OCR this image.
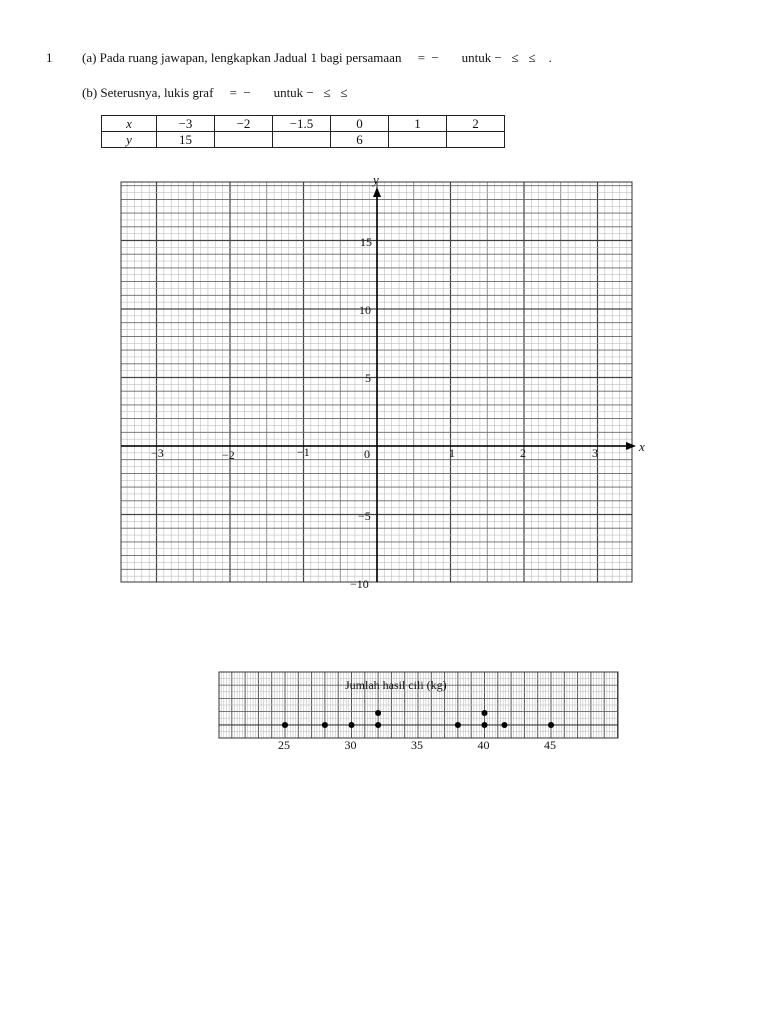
1 (a) Pada ruang jawapan, lengkapkan Jadual 1 bagi persamaan     =  −       untuk −   ≤   ≤    .
(b) Seterusnya, lukis graf     =  −       untuk −   ≤   ≤
x	−3	−2	−1.5	0	1	2
y	15			6		
x
y
−3	−2	−1	0	1	2	3
15
10
5
−5
−10
Jumlah hasil cili (kg)
25	30	35	40	45
